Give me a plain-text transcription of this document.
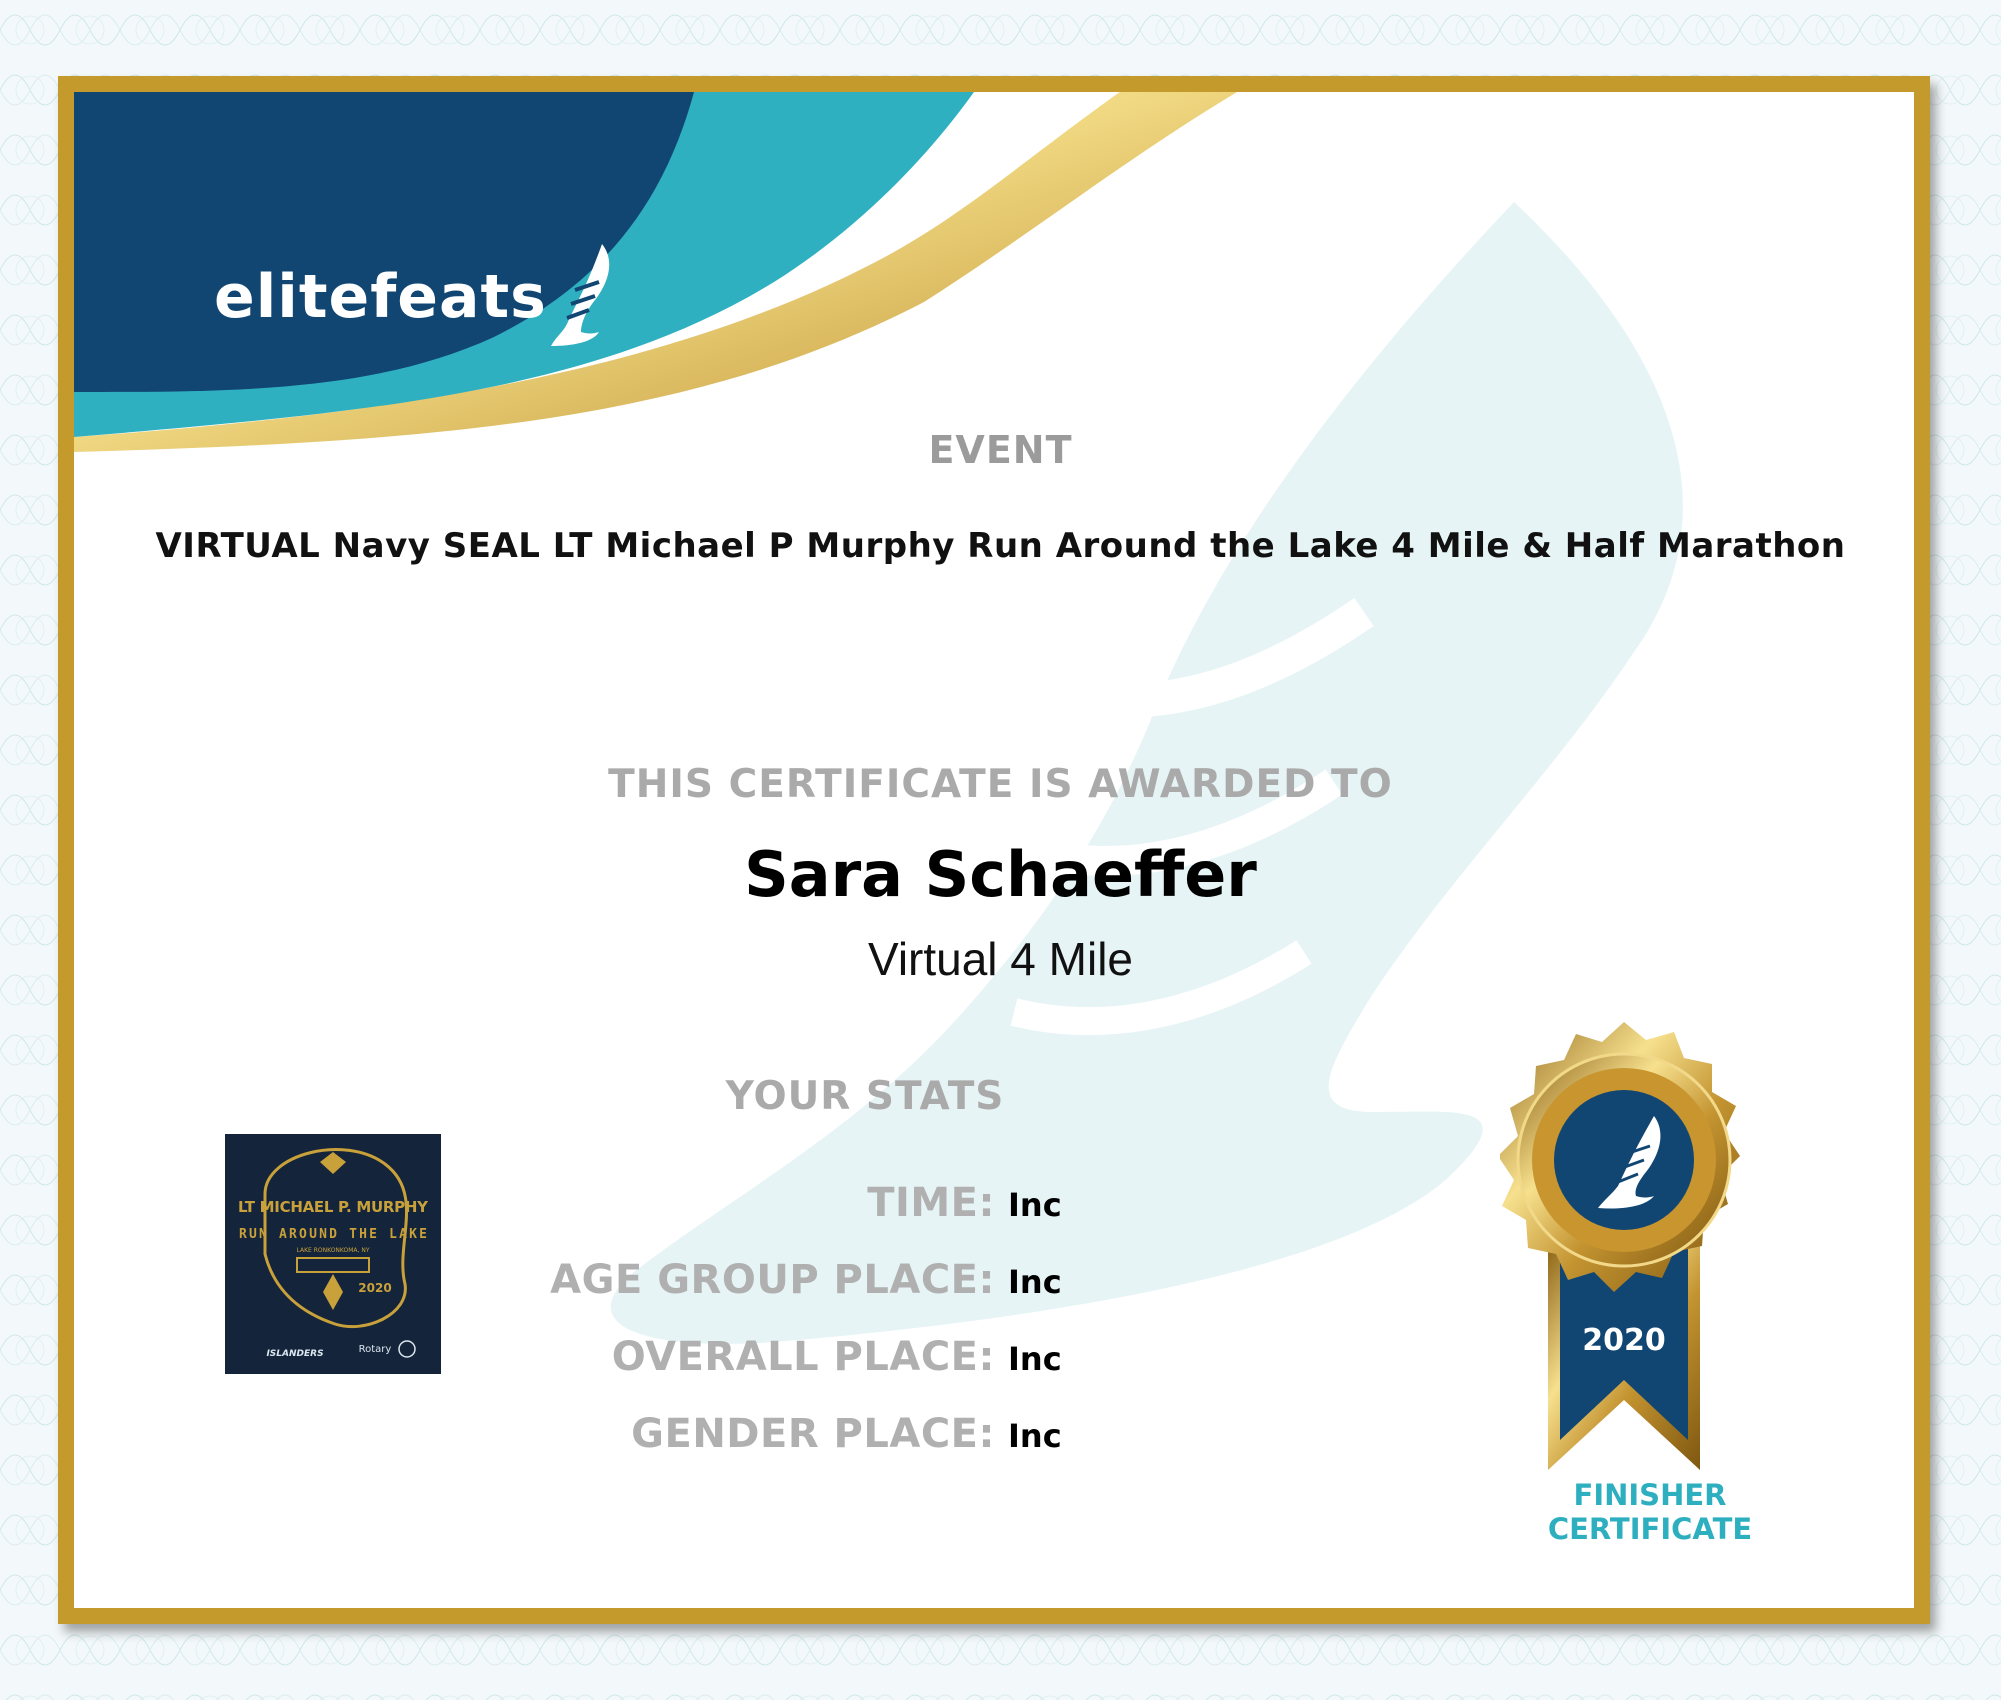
elitefeats
EVENT
VIRTUAL Navy SEAL LT Michael P Murphy Run Around the Lake 4 Mile & Half Marathon
THIS CERTIFICATE IS AWARDED TO
Sara Schaeffer
Virtual 4 Mile
YOUR STATS
TIME: Inc
AGE GROUP PLACE: Inc
OVERALL PLACE: Inc
GENDER PLACE: Inc
LT MICHAEL P. MURPHY
RUN AROUND THE LAKE
LAKE RONKONKOMA, NY
2020
ISLANDERS	Rotary	2020
FINISHER
CERTIFICATE
